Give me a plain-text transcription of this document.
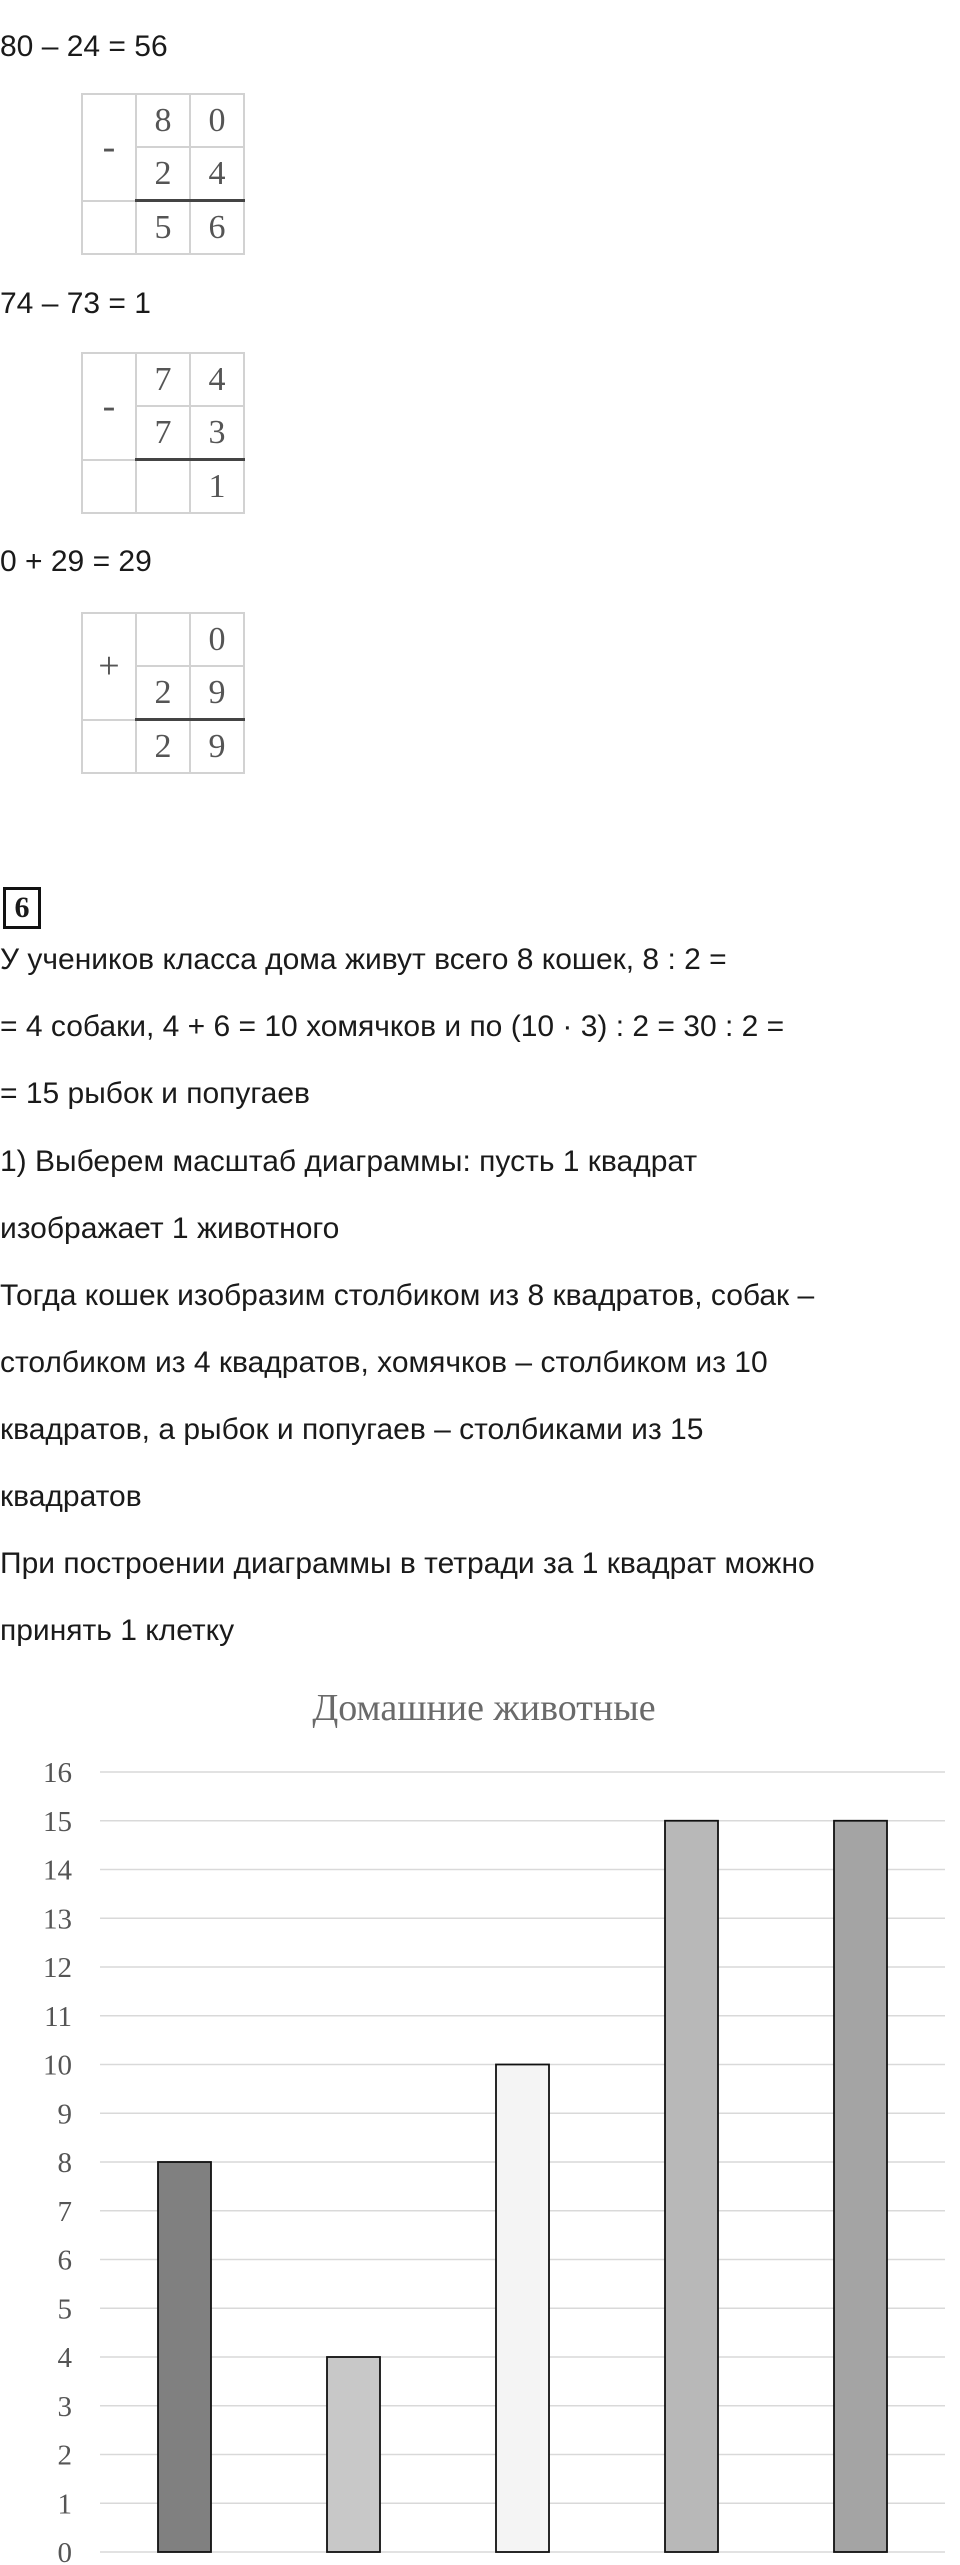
80 – 24 = 56
-	8	0
	2	4
	5	6
74 – 73 = 1
-	7	4
	7	3
		1
0 + 29 = 29
+		0
	2	9
	2	9
6
У учеников класса дома живут всего 8 кошек, 8 : 2 =
= 4 собаки, 4 + 6 = 10 хомячков и по (10 · 3) : 2 = 30 : 2 =
= 15 рыбок и попугаев
1) Выберем масштаб диаграммы: пусть 1 квадрат
изображает 1 животного
Тогда кошек изобразим столбиком из 8 квадратов, собак –
столбиком из 4 квадратов, хомячков – столбиком из 10
квадратов, а рыбок и попугаев – столбиками из 15
квадратов
При построении диаграммы в тетради за 1 квадрат можно
принять 1 клетку
Домашние животные
0
1
2
3
4
5
6
7
8
9
10
11
12
13
14
15
16
